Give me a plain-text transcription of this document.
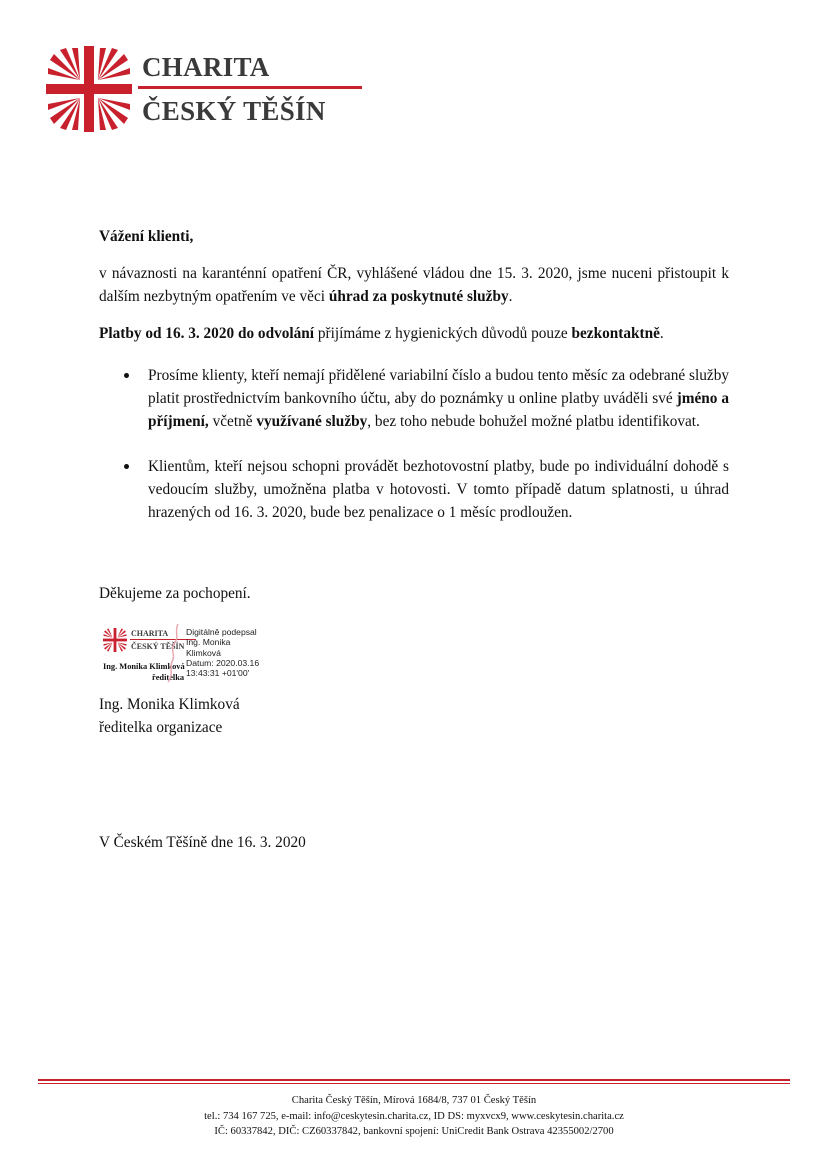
CHARITA
ČESKÝ TĚŠÍN

Vážení klienti,

v návaznosti na karanténní opatření ČR, vyhlášené vládou dne 15. 3. 2020, jsme nuceni přistoupit k dalším nezbytným opatřením ve věci úhrad za poskytnuté služby.

Platby od 16. 3. 2020 do odvolání přijímáme z hygienických důvodů pouze bezkontaktně.

Prosíme klienty, kteří nemají přidělené variabilní číslo a budou tento měsíc za odebrané služby platit prostřednictvím bankovního účtu, aby do poznámky u online platby uváděli své jméno a příjmení, včetně využívané služby, bez toho nebude bohužel možné platbu identifikovat.

Klientům, kteří nejsou schopni provádět bezhotovostní platby, bude po individuální dohodě s vedoucím služby, umožněna platba v hotovosti. V tomto případě datum splatnosti, u úhrad hrazených od 16. 3. 2020, bude bez penalizace o 1 měsíc prodloužen.

Děkujeme za pochopení.
CHARITA
ČESKÝ TĚŠÍN
Ing. Monika Klimková
ředitelka
Digitálně podepsal
Ing. Monika
Klimková
Datum: 2020.03.16
13:43:31 +01'00'
Ing. Monika Klimková
ředitelka organizace
V Českém Těšíně dne 16. 3. 2020
Charita Český Těšín, Mírová 1684/8, 737 01 Český Těšín
tel.: 734 167 725, e-mail: info@ceskytesin.charita.cz, ID DS: myxvcx9, www.ceskytesin.charita.cz
IČ: 60337842, DIČ: CZ60337842, bankovní spojení: UniCredit Bank Ostrava 42355002/2700
